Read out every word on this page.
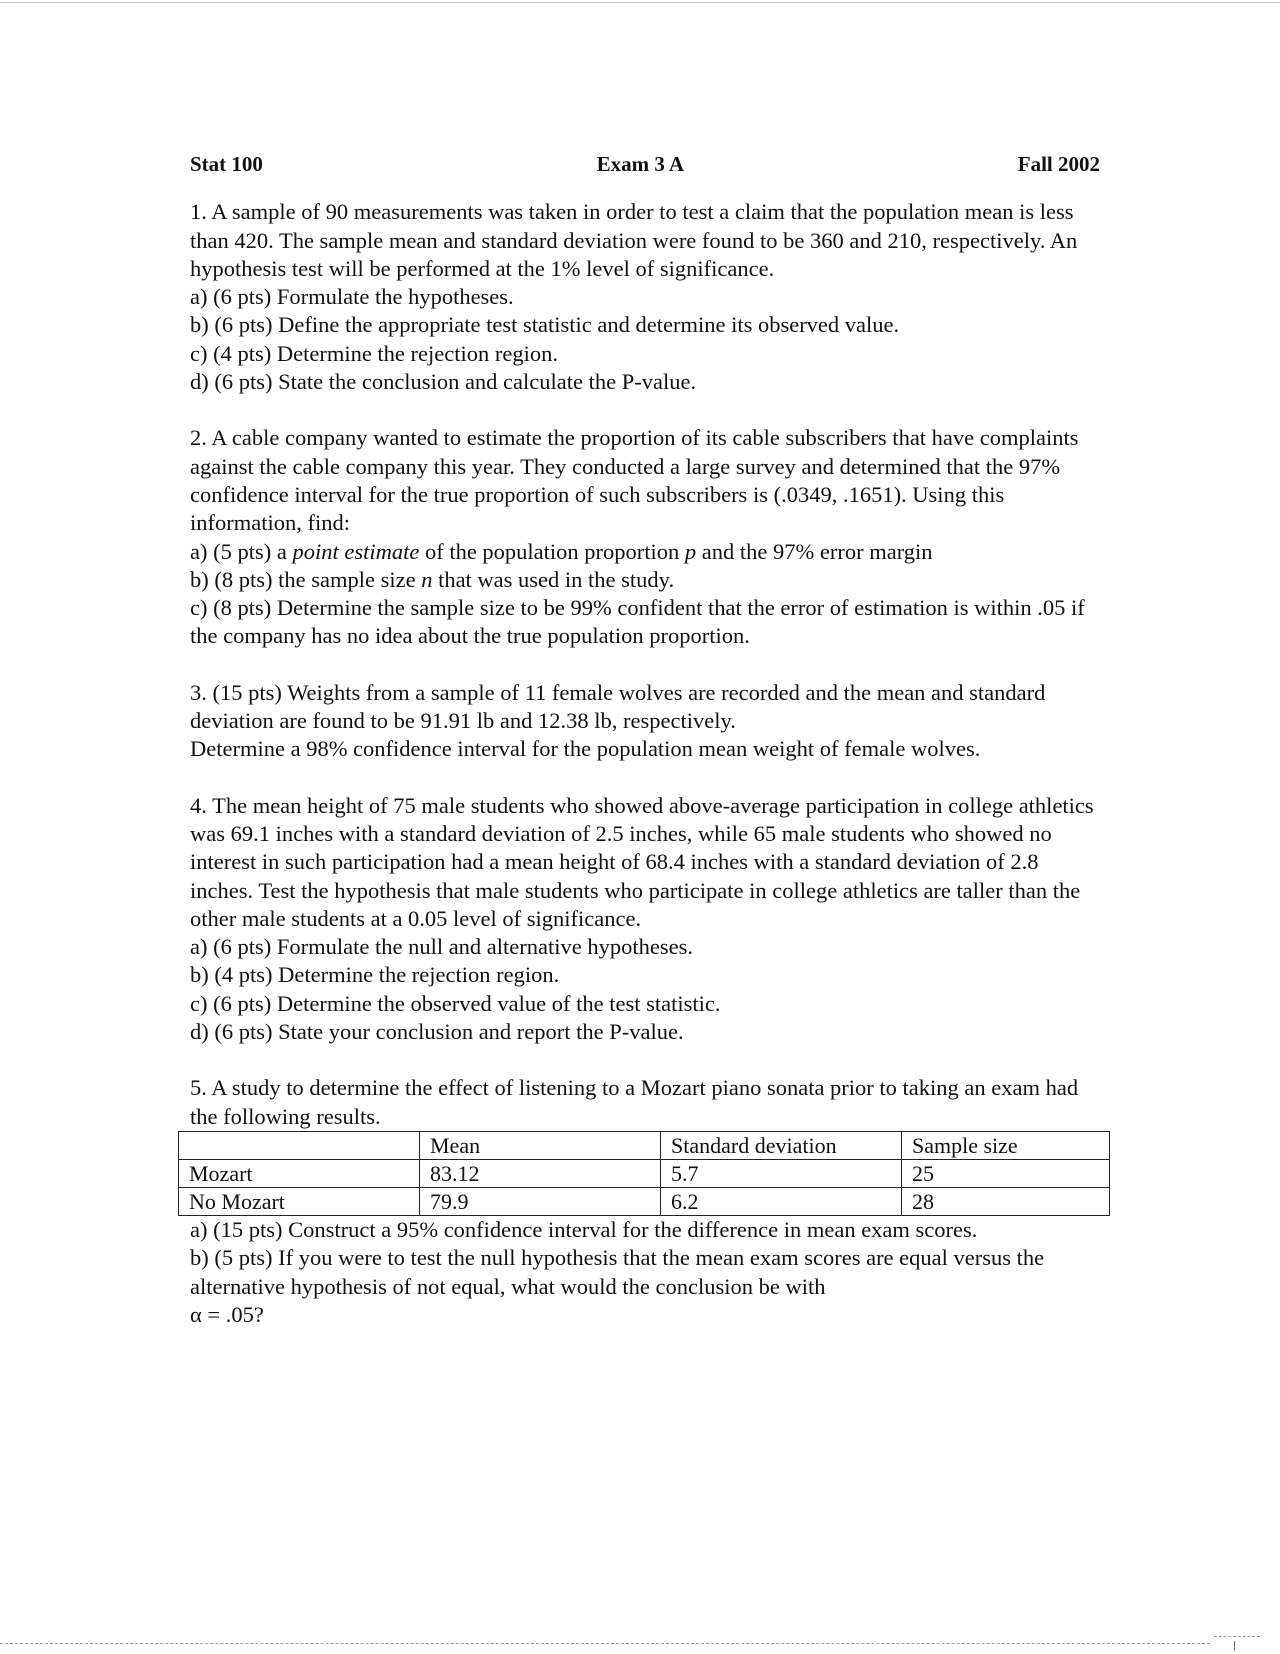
Stat 100	Exam 3 A	Fall 2002

1. A sample of 90 measurements was taken in order to test a claim that the population mean is less than 420. The sample mean and standard deviation were found to be 360 and 210, respectively. An hypothesis test will be performed at the 1% level of significance.

a) (6 pts) Formulate the hypotheses.

b) (6 pts) Define the appropriate test statistic and determine its observed value.

c) (4 pts) Determine the rejection region.

d) (6 pts) State the conclusion and calculate the P-value.

2. A cable company wanted to estimate the proportion of its cable subscribers that have complaints against the cable company this year. They conducted a large survey and determined that the 97% confidence interval for the true proportion of such subscribers is (.0349, .1651). Using this information, find:

a) (5 pts) a point estimate of the population proportion p and the 97% error margin

b) (8 pts) the sample size n that was used in the study.

c) (8 pts) Determine the sample size to be 99% confident that the error of estimation is within .05 if the company has no idea about the true population proportion.

3. (15 pts) Weights from a sample of 11 female wolves are recorded and the mean and standard deviation are found to be 91.91 lb and 12.38 lb, respectively.

Determine a 98% confidence interval for the population mean weight of female wolves.

4. The mean height of 75 male students who showed above-average participation in college athletics was 69.1 inches with a standard deviation of 2.5 inches, while 65 male students who showed no interest in such participation had a mean height of 68.4 inches with a standard deviation of 2.8 inches. Test the hypothesis that male students who participate in college athletics are taller than the other male students at a 0.05 level of significance.

a) (6 pts) Formulate the null and alternative hypotheses.

b) (4 pts) Determine the rejection region.

c) (6 pts) Determine the observed value of the test statistic.

d) (6 pts) State your conclusion and report the P-value.

5. A study to determine the effect of listening to a Mozart piano sonata prior to taking an exam had the following results.

	Mean	Standard deviation	Sample size
Mozart	83.12	5.7	25
No Mozart	79.9	6.2	28

a) (15 pts) Construct a 95% confidence interval for the difference in mean exam scores.

b) (5 pts) If you were to test the null hypothesis that the mean exam scores are equal versus the alternative hypothesis of not equal, what would the conclusion be with

α = .05?
